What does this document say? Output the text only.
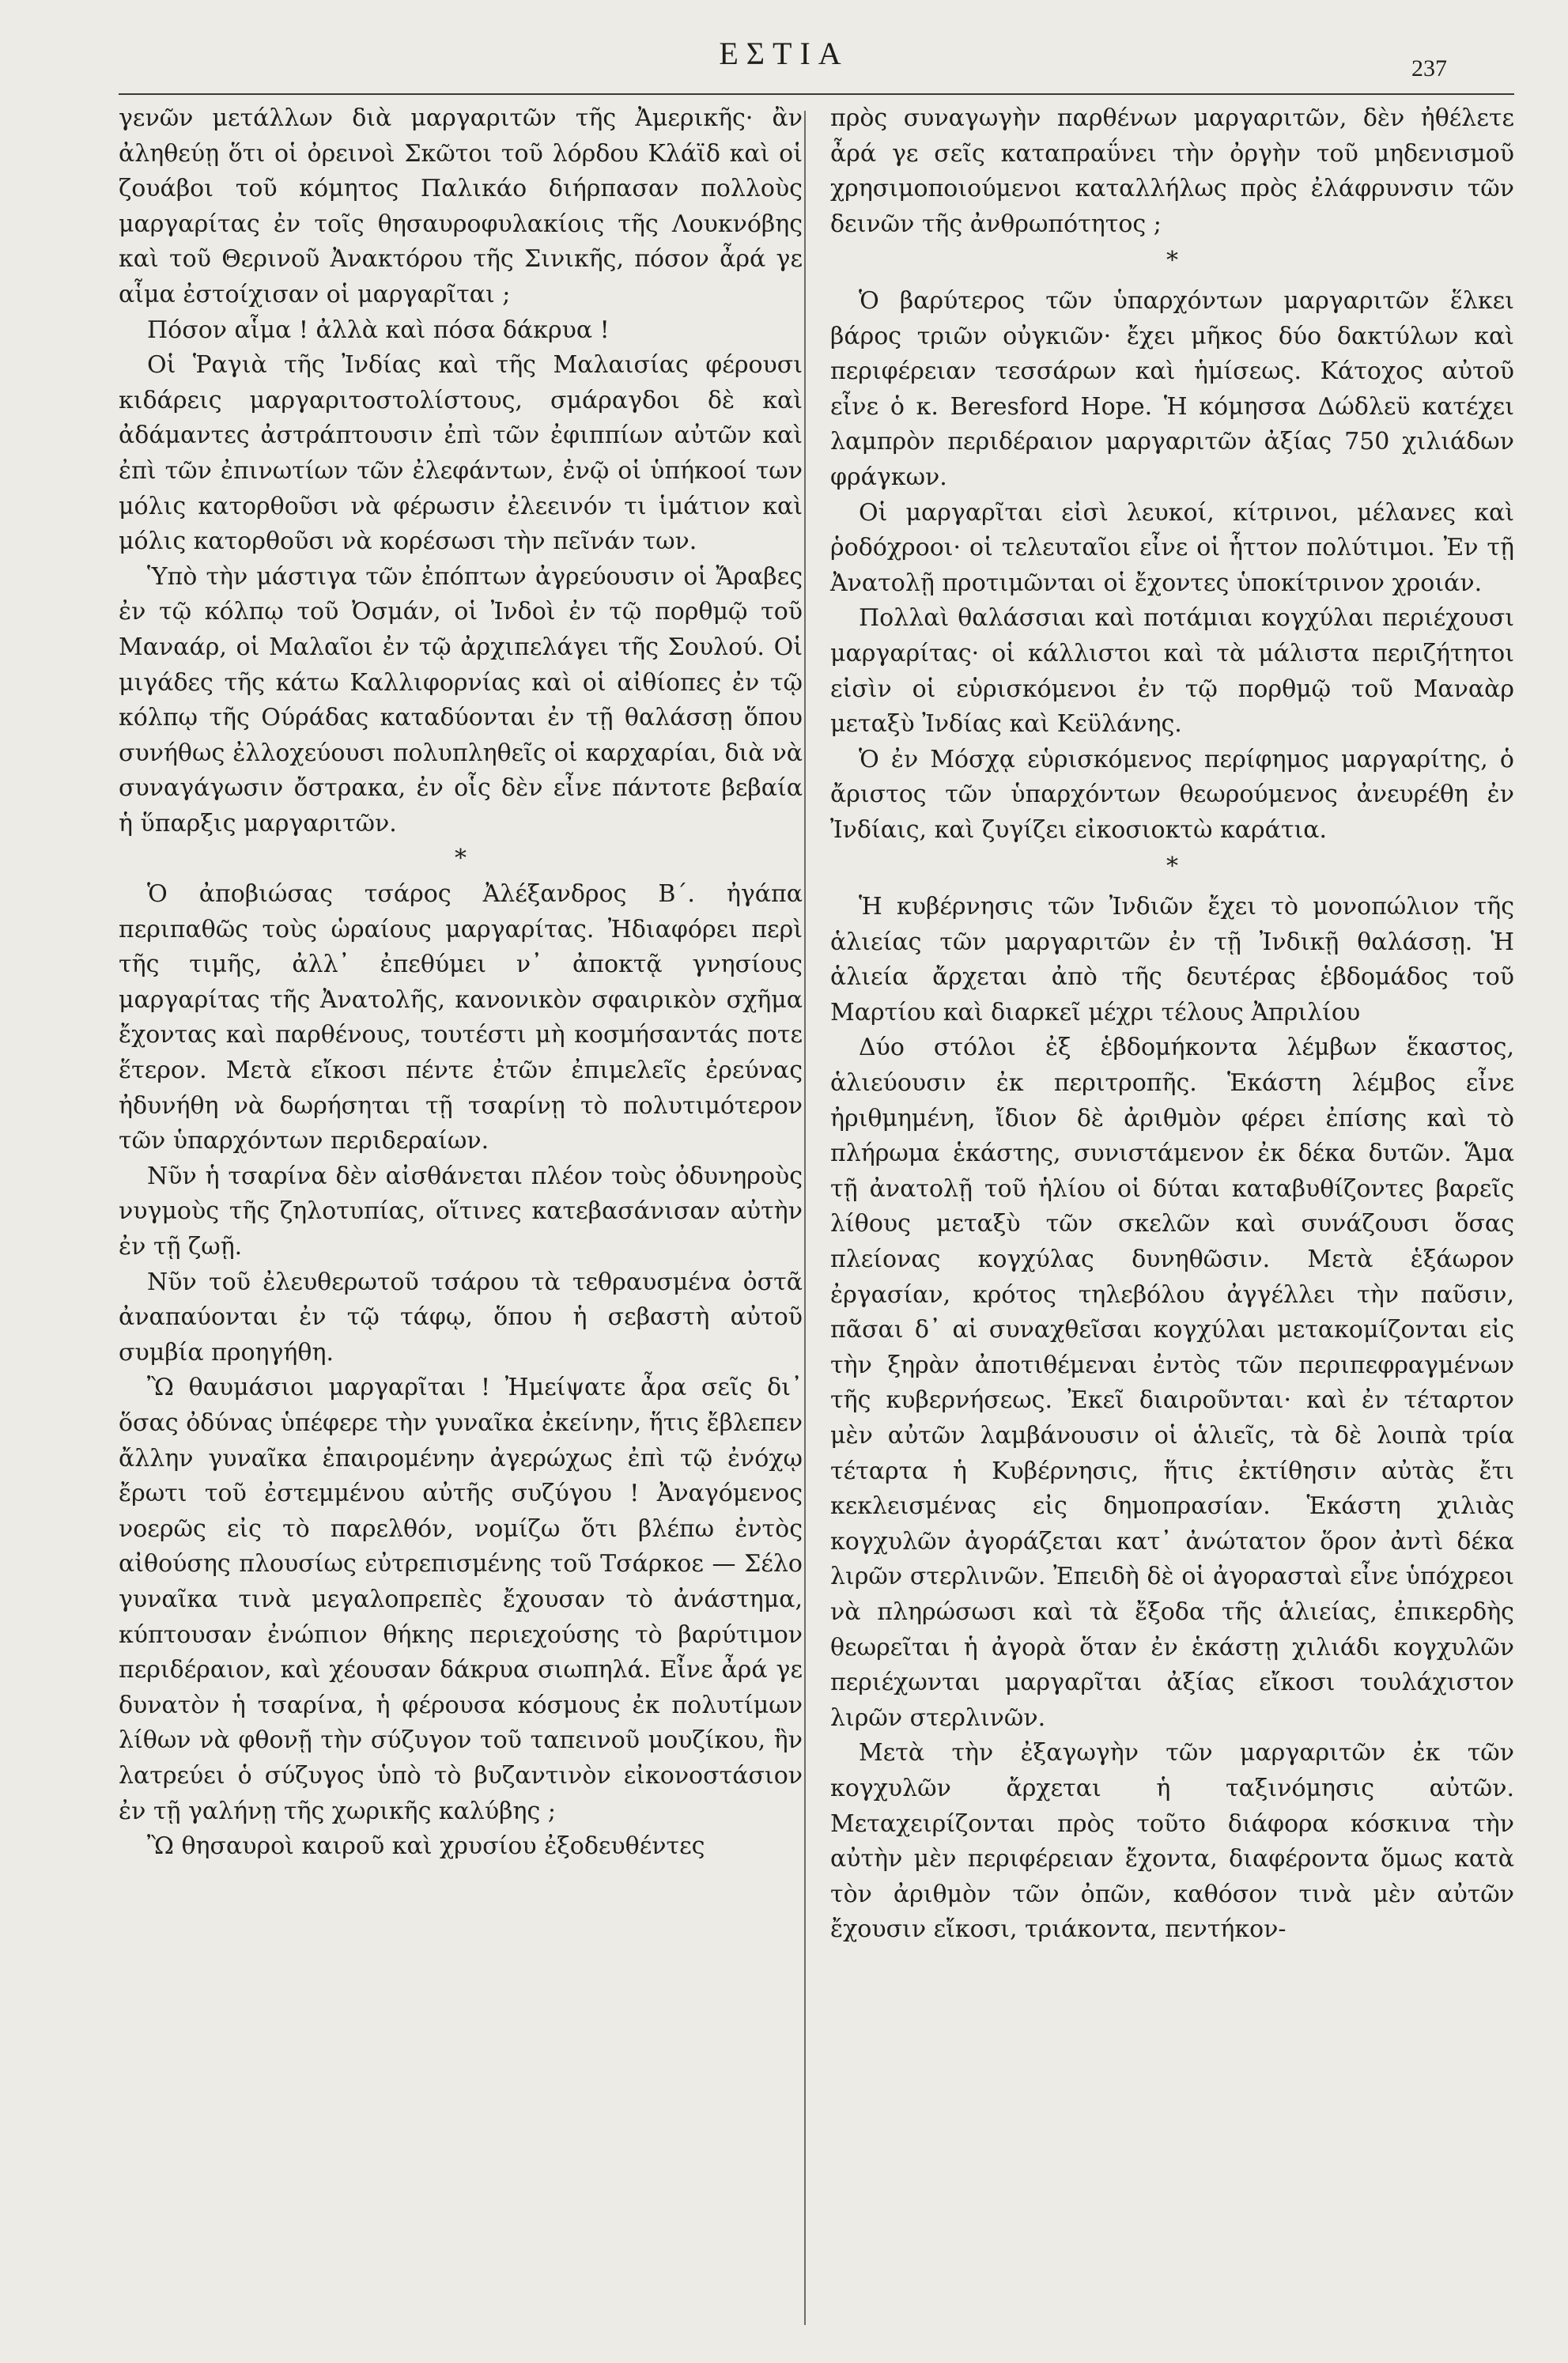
ΕΣΤΙΑ	237

γενῶν μετάλλων διὰ μαργαριτῶν τῆς Ἀμερικῆς· ἂν ἀληθεύῃ ὅτι οἱ ὀρεινοὶ Σκῶτοι τοῦ λόρδου Κλάϊδ καὶ οἱ ζουάβοι τοῦ κόμητος Παλικάο διήρπασαν πολλοὺς μαργαρίτας ἐν τοῖς θησαυροφυλακίοις τῆς Λουκνόβης καὶ τοῦ Θερινοῦ Ἀνακτόρου τῆς Σινικῆς, πόσον ἆρά γε αἷμα ἐστοίχισαν οἱ μαργαρῖται ;

Πόσον αἷμα ! ἀλλὰ καὶ πόσα δάκρυα !

Οἱ Ῥαγιὰ τῆς Ἰνδίας καὶ τῆς Μαλαισίας φέρουσι κιδάρεις μαργαριτοστολίστους, σμάραγδοι δὲ καὶ ἀδάμαντες ἀστράπτουσιν ἐπὶ τῶν ἐφιππίων αὐτῶν καὶ ἐπὶ τῶν ἐπινωτίων τῶν ἐλεφάντων, ἐνῷ οἱ ὑπήκοοί των μόλις κατορθοῦσι νὰ φέρωσιν ἐλεεινόν τι ἱμάτιον καὶ μόλις κατορθοῦσι νὰ κορέσωσι τὴν πεῖνάν των.

Ὑπὸ τὴν μάστιγα τῶν ἐπόπτων ἀγρεύουσιν οἱ Ἄραβες ἐν τῷ κόλπῳ τοῦ Ὀσμάν, οἱ Ἰνδοὶ ἐν τῷ πορθμῷ τοῦ Μαναάρ, οἱ Μαλαῖοι ἐν τῷ ἀρχιπελάγει τῆς Σουλού. Οἱ μιγάδες τῆς κάτω Καλλιφορνίας καὶ οἱ αἰθίοπες ἐν τῷ κόλπῳ τῆς Ούράδας καταδύονται ἐν τῇ θαλάσσῃ ὅπου συνήθως ἐλλοχεύουσι πολυπληθεῖς οἱ καρχαρίαι, διὰ νὰ συναγάγωσιν ὄστρακα, ἐν οἷς δὲν εἶνε πάντοτε βεβαία ἡ ὕπαρξις μαργαριτῶν.

*

Ὁ ἀποβιώσας τσάρος Ἀλέξανδρος Β΄. ἠγάπα περιπαθῶς τοὺς ὡραίους μαργαρίτας. Ἠδιαφόρει περὶ τῆς τιμῆς, ἀλλ᾽ ἐπεθύμει ν᾽ ἀποκτᾷ γνησίους μαργαρίτας τῆς Ἀνατολῆς, κανονικὸν σφαιρικὸν σχῆμα ἔχοντας καὶ παρθένους, τουτέστι μὴ κοσμήσαντάς ποτε ἕτερον. Μετὰ εἴκοσι πέντε ἐτῶν ἐπιμελεῖς ἐρεύνας ἠδυνήθη νὰ δωρήσηται τῇ τσαρίνῃ τὸ πολυτιμότερον τῶν ὑπαρχόντων περιδεραίων.

Νῦν ἡ τσαρίνα δὲν αἰσθάνεται πλέον τοὺς ὀδυνηροὺς νυγμοὺς τῆς ζηλοτυπίας, οἵτινες κατεβασάνισαν αὐτὴν ἐν τῇ ζωῇ.

Νῦν τοῦ ἐλευθερωτοῦ τσάρου τὰ τεθραυσμένα ὀστᾶ ἀναπαύονται ἐν τῷ τάφῳ, ὅπου ἡ σεβαστὴ αὐτοῦ συμβία προηγήθη.

Ὢ θαυμάσιοι μαργαρῖται ! Ἠμείψατε ἆρα σεῖς δι᾽ ὅσας ὀδύνας ὑπέφερε τὴν γυναῖκα ἐκείνην, ἥτις ἔβλεπεν ἄλλην γυναῖκα ἐπαιρομένην ἀγερώχως ἐπὶ τῷ ἐνόχῳ ἔρωτι τοῦ ἐστεμμένου αὐτῆς συζύγου ! Ἀναγόμενος νοερῶς εἰς τὸ παρελθόν, νομίζω ὅτι βλέπω ἐντὸς αἰθούσης πλουσίως εὐτρεπισμένης τοῦ Τσάρκοε — Σέλο γυναῖκα τινὰ μεγαλοπρεπὲς ἔχουσαν τὸ ἀνάστημα, κύπτουσαν ἐνώπιον θήκης περιεχούσης τὸ βαρύτιμον περιδέραιον, καὶ χέουσαν δάκρυα σιωπηλά. Εἶνε ἆρά γε δυνατὸν ἡ τσαρίνα, ἡ φέρουσα κόσμους ἐκ πολυτίμων λίθων νὰ φθονῇ τὴν σύζυγον τοῦ ταπεινοῦ μουζίκου, ἣν λατρεύει ὁ σύζυγος ὑπὸ τὸ βυζαντινὸν εἰκονοστάσιον ἐν τῇ γαλήνῃ τῆς χωρικῆς καλύβης ;

Ὢ θησαυροὶ καιροῦ καὶ χρυσίου ἐξοδευθέντες

πρὸς συναγωγὴν παρθένων μαργαριτῶν, δὲν ἠθέλετε ἆρά γε σεῖς καταπραΰνει τὴν ὀργὴν τοῦ μηδενισμοῦ χρησιμοποιούμενοι καταλλήλως πρὸς ἐλάφρυνσιν τῶν δεινῶν τῆς ἀνθρωπότητος ;

*

Ὁ βαρύτερος τῶν ὑπαρχόντων μαργαριτῶν ἕλκει βάρος τριῶν οὐγκιῶν· ἔχει μῆκος δύο δακτύλων καὶ περιφέρειαν τεσσάρων καὶ ἡμίσεως. Κάτοχος αὐτοῦ εἶνε ὁ κ. Beresford Hope. Ἡ κόμησσα Δώδλεϋ κατέχει λαμπρὸν περιδέραιον μαργαριτῶν ἀξίας 750 χιλιάδων φράγκων.

Οἱ μαργαρῖται εἰσὶ λευκοί, κίτρινοι, μέλανες καὶ ῥοδόχροοι· οἱ τελευταῖοι εἶνε οἱ ἧττον πολύτιμοι. Ἐν τῇ Ἀνατολῇ προτιμῶνται οἱ ἔχοντες ὑποκίτρινον χροιάν.

Πολλαὶ θαλάσσιαι καὶ ποτάμιαι κογχύλαι περιέχουσι μαργαρίτας· οἱ κάλλιστοι καὶ τὰ μάλιστα περιζήτητοι εἰσὶν οἱ εὑρισκόμενοι ἐν τῷ πορθμῷ τοῦ Μαναὰρ μεταξὺ Ἰνδίας καὶ Κεϋλάνης.

Ὁ ἐν Μόσχᾳ εὑρισκόμενος περίφημος μαργαρίτης, ὁ ἄριστος τῶν ὑπαρχόντων θεωρούμενος ἀνευρέθη ἐν Ἰνδίαις, καὶ ζυγίζει εἰκοσιοκτὼ καράτια.

*

Ἡ κυβέρνησις τῶν Ἰνδιῶν ἔχει τὸ μονοπώλιον τῆς ἁλιείας τῶν μαργαριτῶν ἐν τῇ Ἰνδικῇ θαλάσσῃ. Ἡ ἁλιεία ἄρχεται ἀπὸ τῆς δευτέρας ἑβδομάδος τοῦ Μαρτίου καὶ διαρκεῖ μέχρι τέλους Ἀπριλίου

Δύο στόλοι ἐξ ἑβδομήκοντα λέμβων ἕκαστος, ἁλιεύουσιν ἐκ περιτροπῆς. Ἑκάστη λέμβος εἶνε ἠριθμημένη, ἴδιον δὲ ἀριθμὸν φέρει ἐπίσης καὶ τὸ πλήρωμα ἑκάστης, συνιστάμενον ἐκ δέκα δυτῶν. Ἅμα τῇ ἀνατολῇ τοῦ ἡλίου οἱ δύται καταβυθίζοντες βαρεῖς λίθους μεταξὺ τῶν σκελῶν καὶ συνάζουσι ὅσας πλείονας κογχύλας δυνηθῶσιν. Μετὰ ἑξάωρον ἐργασίαν, κρότος τηλεβόλου ἀγγέλλει τὴν παῦσιν, πᾶσαι δ᾽ αἱ συναχθεῖσαι κογχύλαι μετακομίζονται εἰς τὴν ξηρὰν ἀποτιθέμεναι ἐντὸς τῶν περιπεφραγμένων τῆς κυβερνήσεως. Ἐκεῖ διαιροῦνται· καὶ ἐν τέταρτον μὲν αὐτῶν λαμβάνουσιν οἱ ἁλιεῖς, τὰ δὲ λοιπὰ τρία τέταρτα ἡ Κυβέρνησις, ἥτις ἐκτίθησιν αὐτὰς ἔτι κεκλεισμένας εἰς δημοπρασίαν. Ἑκάστη χιλιὰς κογχυλῶν ἀγοράζεται κατ᾽ ἀνώτατον ὅρον ἀντὶ δέκα λιρῶν στερλινῶν. Ἐπειδὴ δὲ οἱ ἀγορασταὶ εἶνε ὑπόχρεοι νὰ πληρώσωσι καὶ τὰ ἔξοδα τῆς ἁλιείας, ἐπικερδὴς θεωρεῖται ἡ ἀγορὰ ὅταν ἐν ἑκάστῃ χιλιάδι κογχυλῶν περιέχωνται μαργαρῖται ἀξίας εἴκοσι τουλάχιστον λιρῶν στερλινῶν.

Μετὰ τὴν ἐξαγωγὴν τῶν μαργαριτῶν ἐκ τῶν κογχυλῶν ἄρχεται ἡ ταξινόμησις αὐτῶν. Μεταχειρίζονται πρὸς τοῦτο διάφορα κόσκινα τὴν αὐτὴν μὲν περιφέρειαν ἔχοντα, διαφέροντα ὅμως κατὰ τὸν ἀριθμὸν τῶν ὀπῶν, καθόσον τινὰ μὲν αὐτῶν ἔχουσιν εἴκοσι, τριάκοντα, πεντήκον-
